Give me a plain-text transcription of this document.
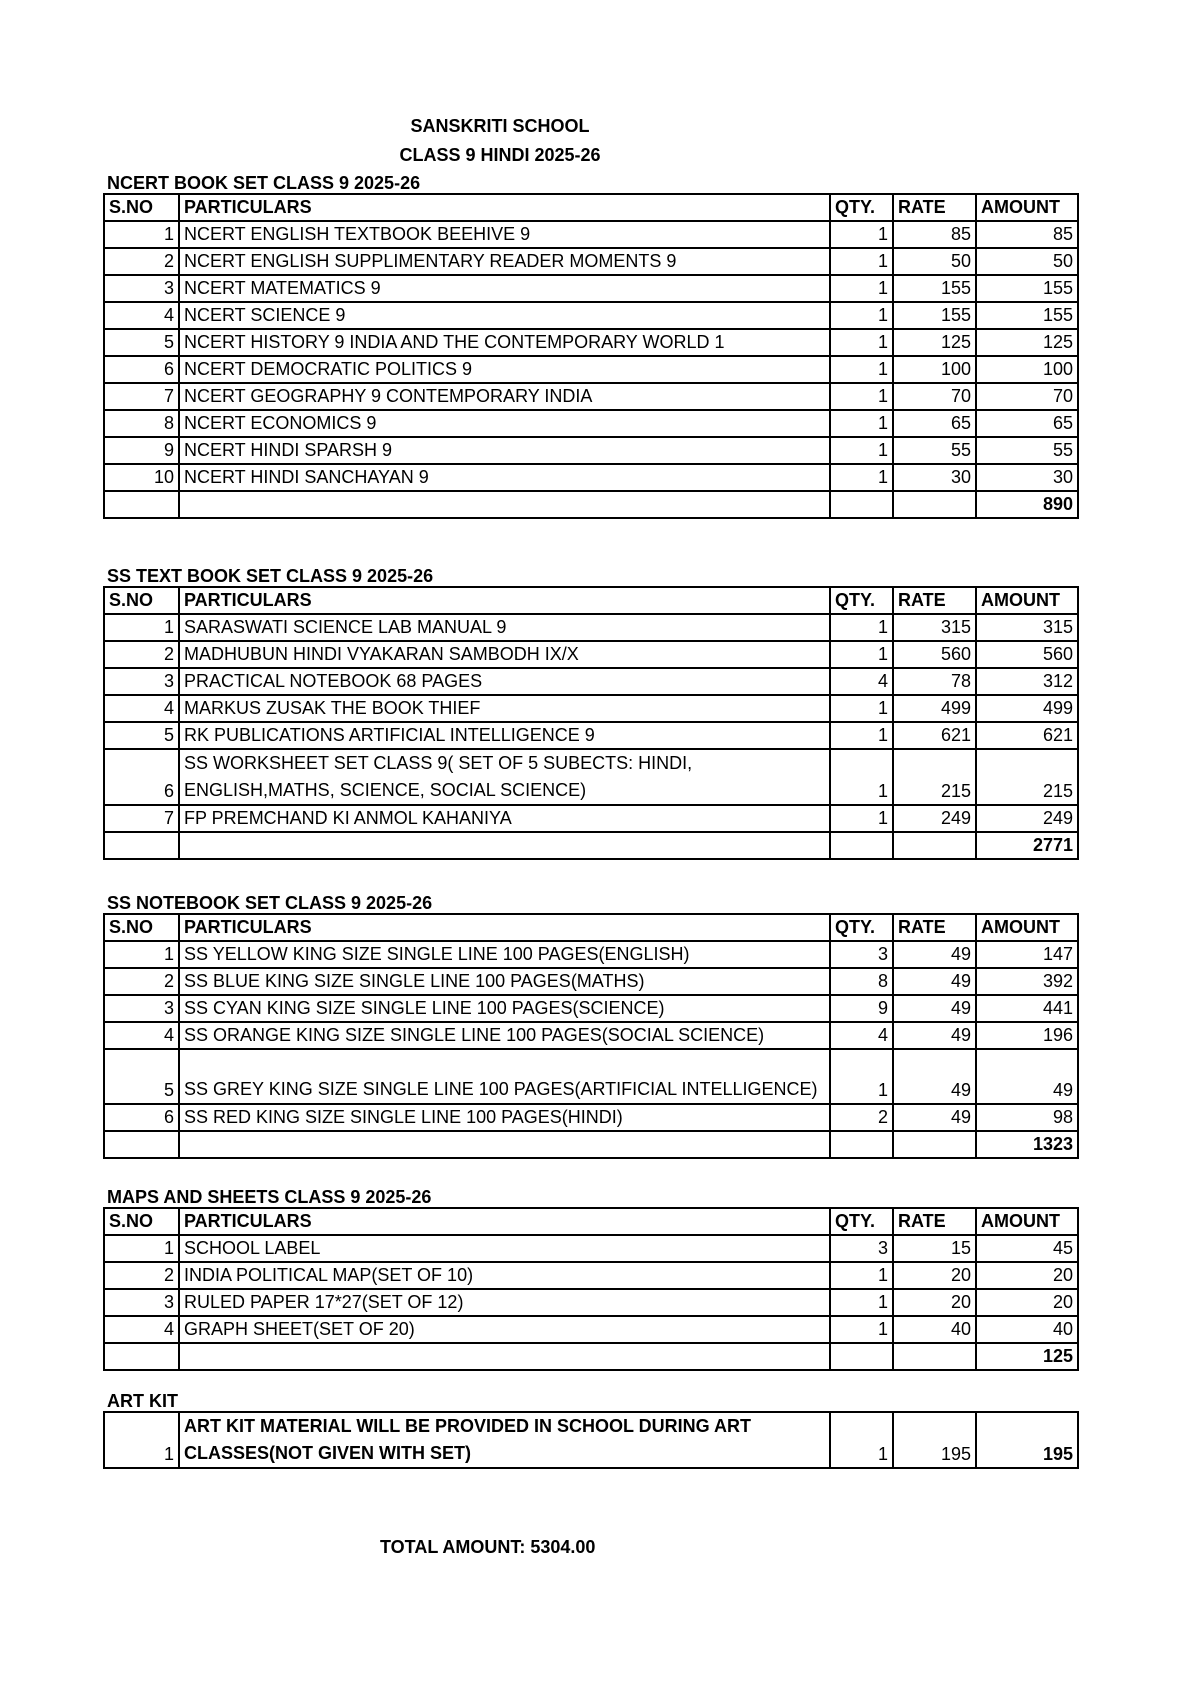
SANSKRITI SCHOOL
CLASS 9 HINDI 2025-26
NCERT BOOK SET CLASS 9 2025-26
S.NO	PARTICULARS	QTY.	RATE	AMOUNT
1	NCERT ENGLISH TEXTBOOK BEEHIVE 9	1	85	85
2	NCERT ENGLISH SUPPLIMENTARY READER MOMENTS 9	1	50	50
3	NCERT MATEMATICS 9	1	155	155
4	NCERT SCIENCE 9	1	155	155
5	NCERT HISTORY 9 INDIA AND THE CONTEMPORARY WORLD 1	1	125	125
6	NCERT DEMOCRATIC POLITICS 9	1	100	100
7	NCERT GEOGRAPHY 9 CONTEMPORARY INDIA	1	70	70
8	NCERT ECONOMICS 9	1	65	65
9	NCERT HINDI SPARSH 9	1	55	55
10	NCERT HINDI SANCHAYAN 9	1	30	30
				890
SS TEXT BOOK SET CLASS 9 2025-26
S.NO	PARTICULARS	QTY.	RATE	AMOUNT
1	SARASWATI SCIENCE LAB MANUAL 9	1	315	315
2	MADHUBUN HINDI VYAKARAN SAMBODH IX/X	1	560	560
3	PRACTICAL NOTEBOOK 68 PAGES	4	78	312
4	MARKUS ZUSAK THE BOOK THIEF	1	499	499
5	RK PUBLICATIONS ARTIFICIAL INTELLIGENCE 9	1	621	621
6	SS WORKSHEET SET CLASS 9( SET OF 5 SUBECTS: HINDI, ENGLISH,MATHS, SCIENCE, SOCIAL SCIENCE)	1	215	215
7	FP PREMCHAND KI ANMOL KAHANIYA	1	249	249
				2771
SS NOTEBOOK SET CLASS 9 2025-26
S.NO	PARTICULARS	QTY.	RATE	AMOUNT
1	SS YELLOW KING SIZE SINGLE LINE 100 PAGES(ENGLISH)	3	49	147
2	SS BLUE KING SIZE SINGLE LINE 100 PAGES(MATHS)	8	49	392
3	SS CYAN KING SIZE SINGLE LINE 100 PAGES(SCIENCE)	9	49	441
4	SS ORANGE KING SIZE SINGLE LINE 100 PAGES(SOCIAL SCIENCE)	4	49	196
5	SS GREY KING SIZE SINGLE LINE 100 PAGES(ARTIFICIAL INTELLIGENCE)	1	49	49
6	SS RED KING SIZE SINGLE LINE 100 PAGES(HINDI)	2	49	98
				1323
MAPS AND SHEETS CLASS 9 2025-26
S.NO	PARTICULARS	QTY.	RATE	AMOUNT
1	SCHOOL LABEL	3	15	45
2	INDIA POLITICAL MAP(SET OF 10)	1	20	20
3	RULED PAPER 17*27(SET OF 12)	1	20	20
4	GRAPH SHEET(SET OF 20)	1	40	40
				125
ART KIT
1	ART KIT MATERIAL WILL BE PROVIDED IN SCHOOL DURING ART CLASSES(NOT GIVEN WITH SET)	1	195	195
TOTAL AMOUNT: 5304.00
